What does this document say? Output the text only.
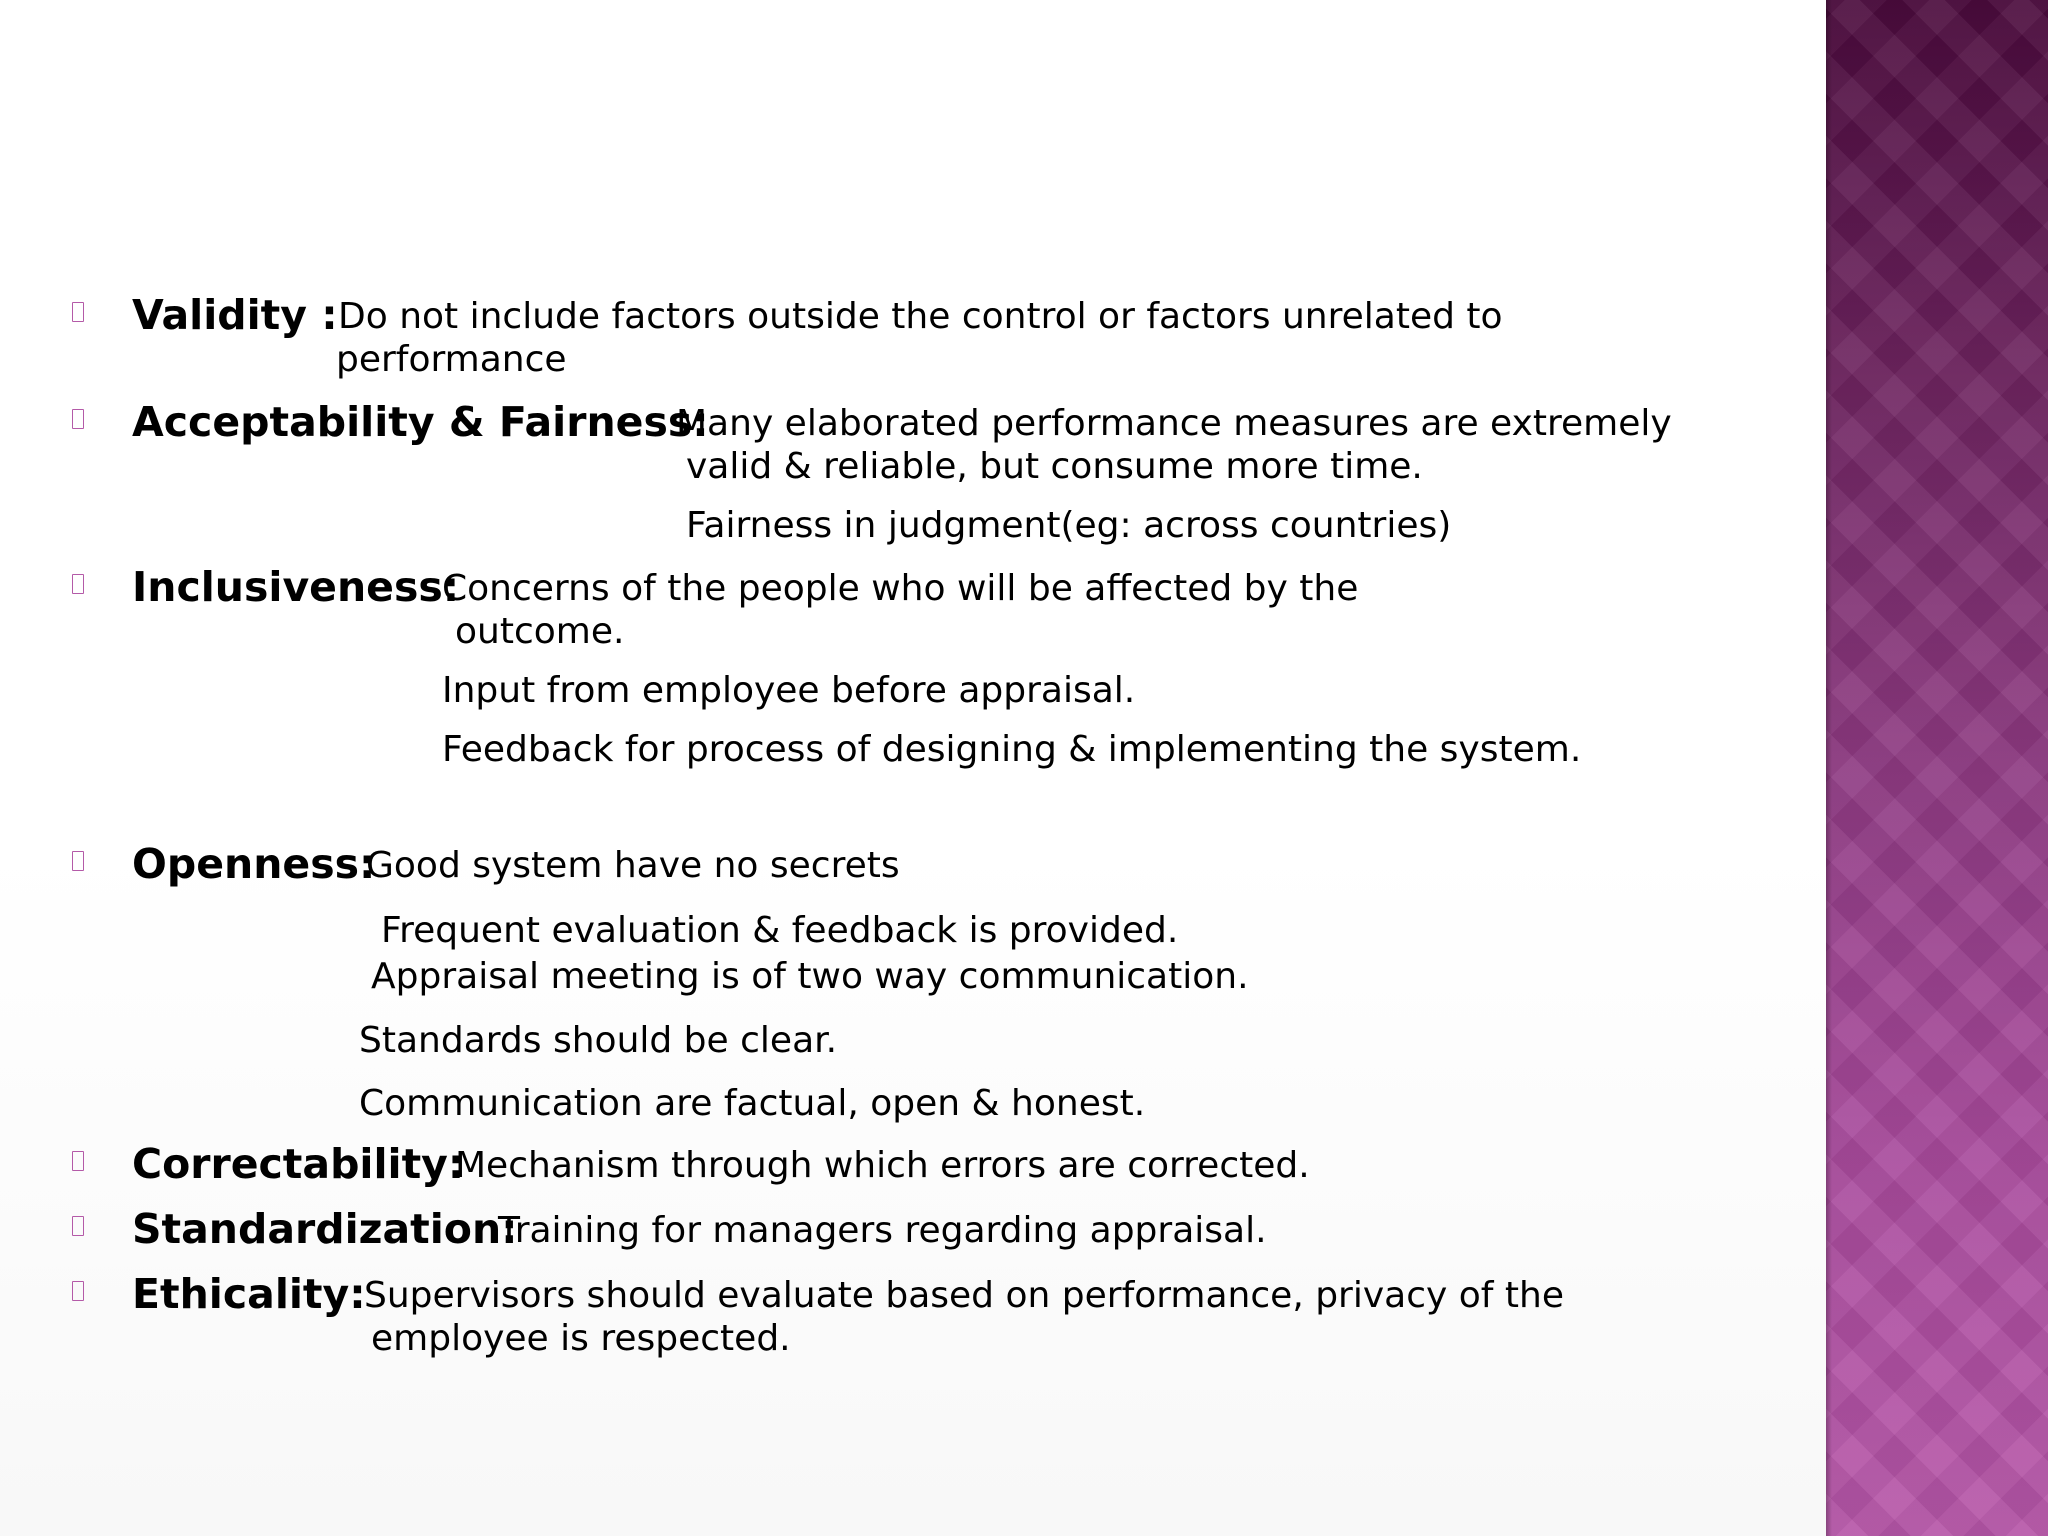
Validity : Do not include factors outside the control or factors unrelated to
performance
Acceptability & Fairness:
Many elaborated performance measures are extremely
valid & reliable, but consume more time.
Fairness in judgment(eg: across countries)
Inclusiveness:
Concerns of the people who will be affected by the
outcome.
Input from employee before appraisal.
Feedback for process of designing & implementing the system.
Openness:
Good system have no secrets
Frequent evaluation & feedback is provided.
Appraisal meeting is of two way communication.
Standards should be clear.
Communication are factual, open & honest.
Correctability:
Mechanism through which errors are corrected.
Standardization:
Training for managers regarding appraisal.
Ethicality:
Supervisors should evaluate based on performance, privacy of the
employee is respected.
